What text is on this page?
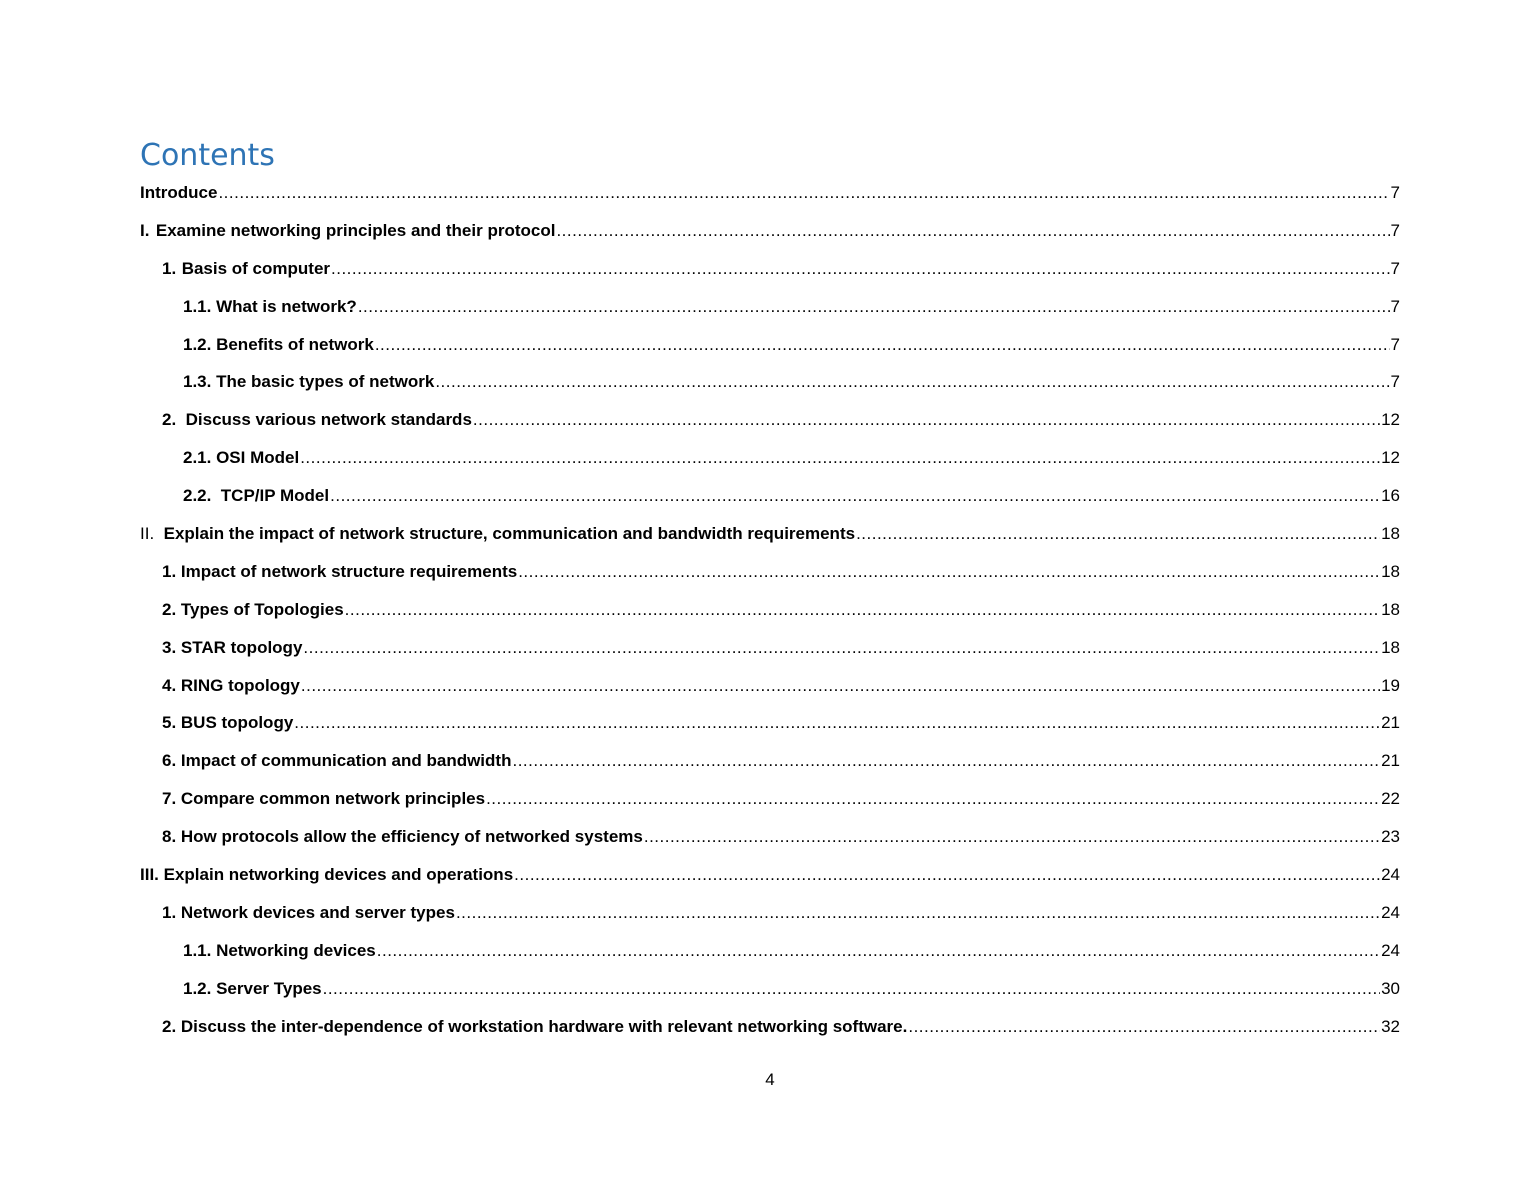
Contents
Introduce .....	7
I. Examine networking principles and their protocol .....	7
1. Basis of computer .....	7
1.1. What is network? .....	7
1.2. Benefits of network .....	7
1.3. The basic types of network .....	7
2.  Discuss various network standards .....	12
2.1. OSI Model .....	12
2.2.  TCP/IP Model .....	16
II. Explain the impact of network structure, communication and bandwidth requirements .....	18
1. Impact of network structure requirements .....	18
2. Types of Topologies .....	18
3. STAR topology .....	18
4. RING topology .....	19
5. BUS topology .....	21
6. Impact of communication and bandwidth .....	21
7. Compare common network principles .....	22
8. How protocols allow the efficiency of networked systems .....	23
III. Explain networking devices and operations .....	24
1. Network devices and server types .....	24
1.1. Networking devices .....	24
1.2. Server Types .....	30
2. Discuss the inter-dependence of workstation hardware with relevant networking software. .....	32
4
